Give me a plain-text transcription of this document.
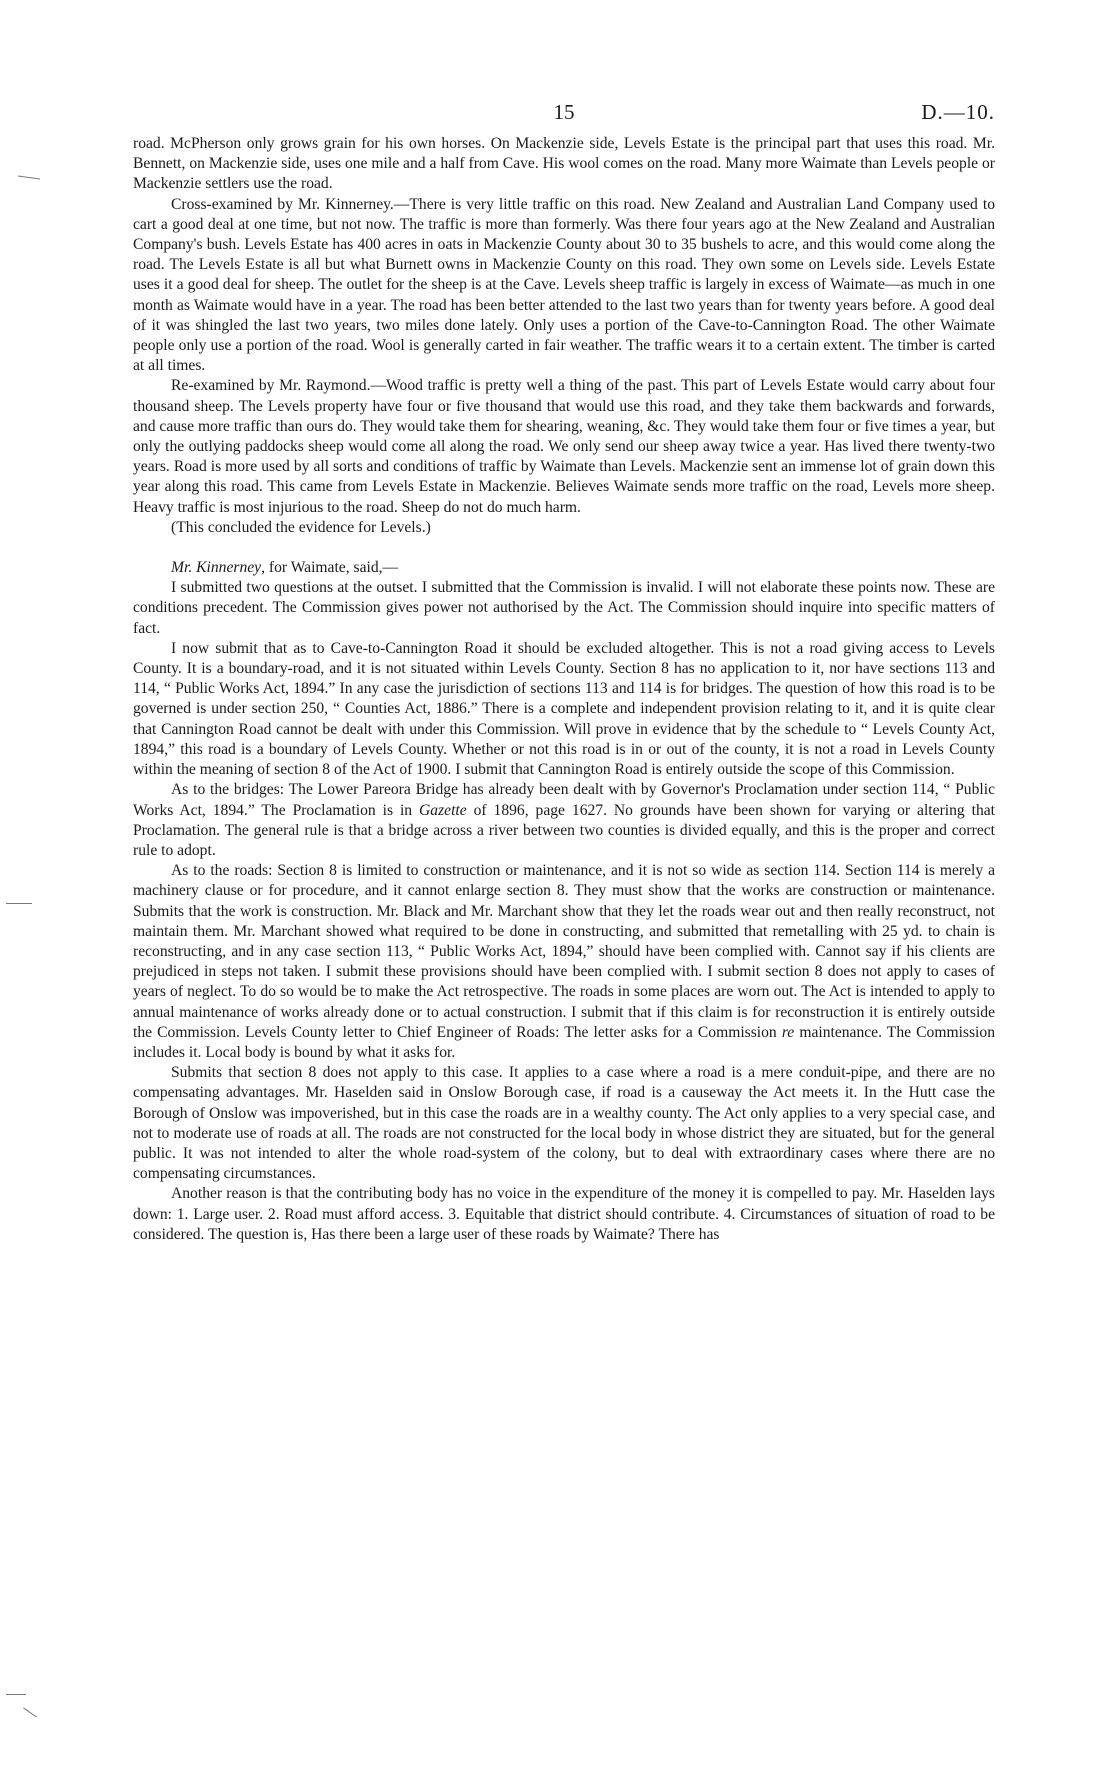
15	D.—10.

road. McPherson only grows grain for his own horses. On Mackenzie side, Levels Estate is the principal part that uses this road. Mr. Bennett, on Mackenzie side, uses one mile and a half from Cave. His wool comes on the road. Many more Waimate than Levels people or Mackenzie settlers use the road.

Cross-examined by Mr. Kinnerney.—There is very little traffic on this road. New Zealand and Australian Land Company used to cart a good deal at one time, but not now. The traffic is more than formerly. Was there four years ago at the New Zealand and Australian Company's bush. Levels Estate has 400 acres in oats in Mackenzie County about 30 to 35 bushels to acre, and this would come along the road. The Levels Estate is all but what Burnett owns in Mackenzie County on this road. They own some on Levels side. Levels Estate uses it a good deal for sheep. The outlet for the sheep is at the Cave. Levels sheep traffic is largely in excess of Waimate—as much in one month as Waimate would have in a year. The road has been better attended to the last two years than for twenty years before. A good deal of it was shingled the last two years, two miles done lately. Only uses a portion of the Cave-to-Cannington Road. The other Waimate people only use a portion of the road. Wool is generally carted in fair weather. The traffic wears it to a certain extent. The timber is carted at all times.

Re-examined by Mr. Raymond.—Wood traffic is pretty well a thing of the past. This part of Levels Estate would carry about four thousand sheep. The Levels property have four or five thousand that would use this road, and they take them backwards and forwards, and cause more traffic than ours do. They would take them for shearing, weaning, &c. They would take them four or five times a year, but only the outlying paddocks sheep would come all along the road. We only send our sheep away twice a year. Has lived there twenty-two years. Road is more used by all sorts and conditions of traffic by Waimate than Levels. Mackenzie sent an immense lot of grain down this year along this road. This came from Levels Estate in Mackenzie. Believes Waimate sends more traffic on the road, Levels more sheep. Heavy traffic is most injurious to the road. Sheep do not do much harm.

(This concluded the evidence for Levels.)

Mr. Kinnerney, for Waimate, said,—

I submitted two questions at the outset. I submitted that the Commission is invalid. I will not elaborate these points now. These are conditions precedent. The Commission gives power not authorised by the Act. The Commission should inquire into specific matters of fact.

I now submit that as to Cave-to-Cannington Road it should be excluded altogether. This is not a road giving access to Levels County. It is a boundary-road, and it is not situated within Levels County. Section 8 has no application to it, nor have sections 113 and 114, “ Public Works Act, 1894.” In any case the jurisdiction of sections 113 and 114 is for bridges. The question of how this road is to be governed is under section 250, “ Counties Act, 1886.” There is a complete and independent provision relating to it, and it is quite clear that Cannington Road cannot be dealt with under this Commission. Will prove in evidence that by the schedule to “ Levels County Act, 1894,” this road is a boundary of Levels County. Whether or not this road is in or out of the county, it is not a road in Levels County within the meaning of section 8 of the Act of 1900. I submit that Cannington Road is entirely outside the scope of this Commission.

As to the bridges: The Lower Pareora Bridge has already been dealt with by Governor's Proclamation under section 114, “ Public Works Act, 1894.” The Proclamation is in Gazette of 1896, page 1627. No grounds have been shown for varying or altering that Proclamation. The general rule is that a bridge across a river between two counties is divided equally, and this is the proper and correct rule to adopt.

As to the roads: Section 8 is limited to construction or maintenance, and it is not so wide as section 114. Section 114 is merely a machinery clause or for procedure, and it cannot enlarge section 8. They must show that the works are construction or maintenance. Submits that the work is construction. Mr. Black and Mr. Marchant show that they let the roads wear out and then really reconstruct, not maintain them. Mr. Marchant showed what required to be done in constructing, and submitted that remetalling with 25 yd. to chain is reconstructing, and in any case section 113, “ Public Works Act, 1894,” should have been complied with. Cannot say if his clients are prejudiced in steps not taken. I submit these provisions should have been complied with. I submit section 8 does not apply to cases of years of neglect. To do so would be to make the Act retrospective. The roads in some places are worn out. The Act is intended to apply to annual maintenance of works already done or to actual construction. I submit that if this claim is for reconstruction it is entirely outside the Commission. Levels County letter to Chief Engineer of Roads: The letter asks for a Commission re maintenance. The Commission includes it. Local body is bound by what it asks for.

Submits that section 8 does not apply to this case. It applies to a case where a road is a mere conduit-pipe, and there are no compensating advantages. Mr. Haselden said in Onslow Borough case, if road is a causeway the Act meets it. In the Hutt case the Borough of Onslow was impoverished, but in this case the roads are in a wealthy county. The Act only applies to a very special case, and not to moderate use of roads at all. The roads are not constructed for the local body in whose district they are situated, but for the general public. It was not intended to alter the whole road-system of the colony, but to deal with extraordinary cases where there are no compensating circumstances.

Another reason is that the contributing body has no voice in the expenditure of the money it is compelled to pay. Mr. Haselden lays down: 1. Large user. 2. Road must afford access. 3. Equitable that district should contribute. 4. Circumstances of situation of road to be considered. The question is, Has there been a large user of these roads by Waimate? There has
